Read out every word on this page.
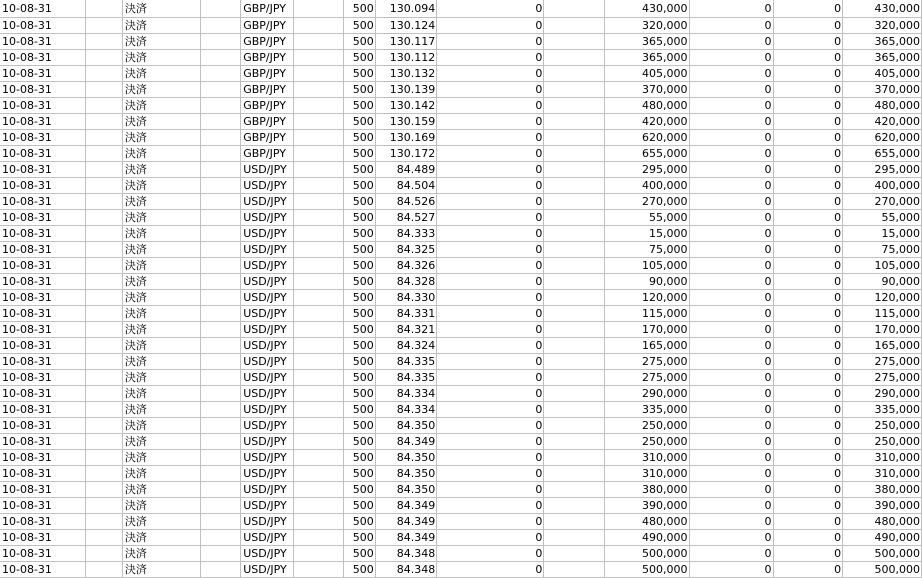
10-08-31		決済		GBP/JPY		500	130.094	0		430,000	0	0	430,000
10-08-31		決済		GBP/JPY		500	130.124	0		320,000	0	0	320,000
10-08-31		決済		GBP/JPY		500	130.117	0		365,000	0	0	365,000
10-08-31		決済		GBP/JPY		500	130.112	0		365,000	0	0	365,000
10-08-31		決済		GBP/JPY		500	130.132	0		405,000	0	0	405,000
10-08-31		決済		GBP/JPY		500	130.139	0		370,000	0	0	370,000
10-08-31		決済		GBP/JPY		500	130.142	0		480,000	0	0	480,000
10-08-31		決済		GBP/JPY		500	130.159	0		420,000	0	0	420,000
10-08-31		決済		GBP/JPY		500	130.169	0		620,000	0	0	620,000
10-08-31		決済		GBP/JPY		500	130.172	0		655,000	0	0	655,000
10-08-31		決済		USD/JPY		500	84.489	0		295,000	0	0	295,000
10-08-31		決済		USD/JPY		500	84.504	0		400,000	0	0	400,000
10-08-31		決済		USD/JPY		500	84.526	0		270,000	0	0	270,000
10-08-31		決済		USD/JPY		500	84.527	0		55,000	0	0	55,000
10-08-31		決済		USD/JPY		500	84.333	0		15,000	0	0	15,000
10-08-31		決済		USD/JPY		500	84.325	0		75,000	0	0	75,000
10-08-31		決済		USD/JPY		500	84.326	0		105,000	0	0	105,000
10-08-31		決済		USD/JPY		500	84.328	0		90,000	0	0	90,000
10-08-31		決済		USD/JPY		500	84.330	0		120,000	0	0	120,000
10-08-31		決済		USD/JPY		500	84.331	0		115,000	0	0	115,000
10-08-31		決済		USD/JPY		500	84.321	0		170,000	0	0	170,000
10-08-31		決済		USD/JPY		500	84.324	0		165,000	0	0	165,000
10-08-31		決済		USD/JPY		500	84.335	0		275,000	0	0	275,000
10-08-31		決済		USD/JPY		500	84.335	0		275,000	0	0	275,000
10-08-31		決済		USD/JPY		500	84.334	0		290,000	0	0	290,000
10-08-31		決済		USD/JPY		500	84.334	0		335,000	0	0	335,000
10-08-31		決済		USD/JPY		500	84.350	0		250,000	0	0	250,000
10-08-31		決済		USD/JPY		500	84.349	0		250,000	0	0	250,000
10-08-31		決済		USD/JPY		500	84.350	0		310,000	0	0	310,000
10-08-31		決済		USD/JPY		500	84.350	0		310,000	0	0	310,000
10-08-31		決済		USD/JPY		500	84.350	0		380,000	0	0	380,000
10-08-31		決済		USD/JPY		500	84.349	0		390,000	0	0	390,000
10-08-31		決済		USD/JPY		500	84.349	0		480,000	0	0	480,000
10-08-31		決済		USD/JPY		500	84.349	0		490,000	0	0	490,000
10-08-31		決済		USD/JPY		500	84.348	0		500,000	0	0	500,000
10-08-31		決済		USD/JPY		500	84.348	0		500,000	0	0	500,000
